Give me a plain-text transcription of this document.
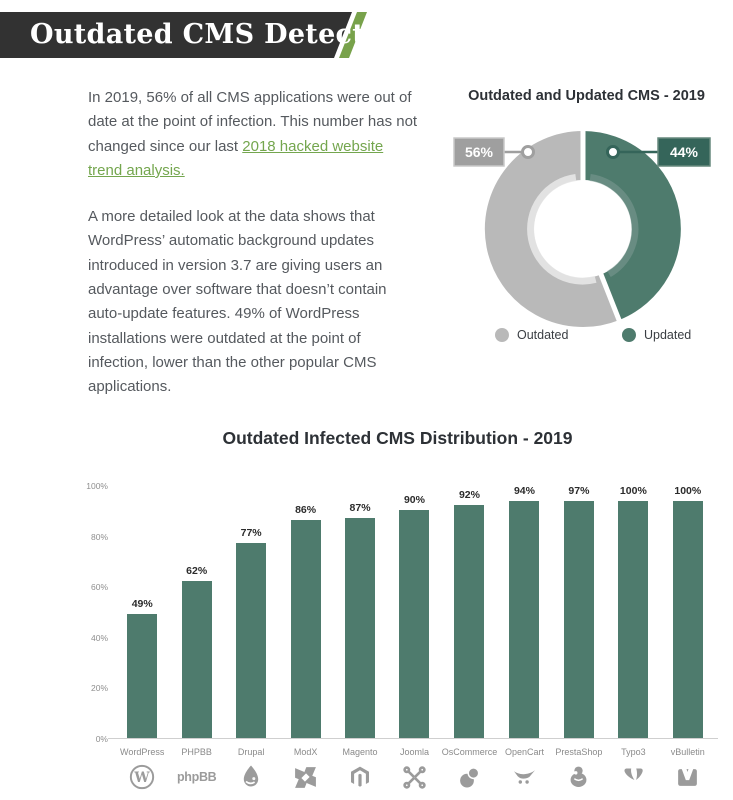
Outdated CMS Detection

In 2019, 56% of all CMS applications were out of date at the point of infection. This number has not changed since our last 2018 hacked website trend analysis.

A more detailed look at the data shows that WordPress’ automatic background updates introduced in version 3.7 are giving users an advantage over software that doesn’t contain auto-update features. 49% of WordPress installations were outdated at the point of infection, lower than the other popular CMS applications.

Outdated and Updated CMS - 2019
56%	44%
Outdated	Updated
Outdated Infected CMS Distribution - 2019
0%
20%
40%
60%
80%
100%
49%
WordPress
W
62%
PHPBB
phpBB
77%
Drupal
86%
ModX
87%
Magento
90%
Joomla
92%
OsCommerce
94%
OpenCart
97%
PrestaShop
100%
Typo3
100%
vBulletin
